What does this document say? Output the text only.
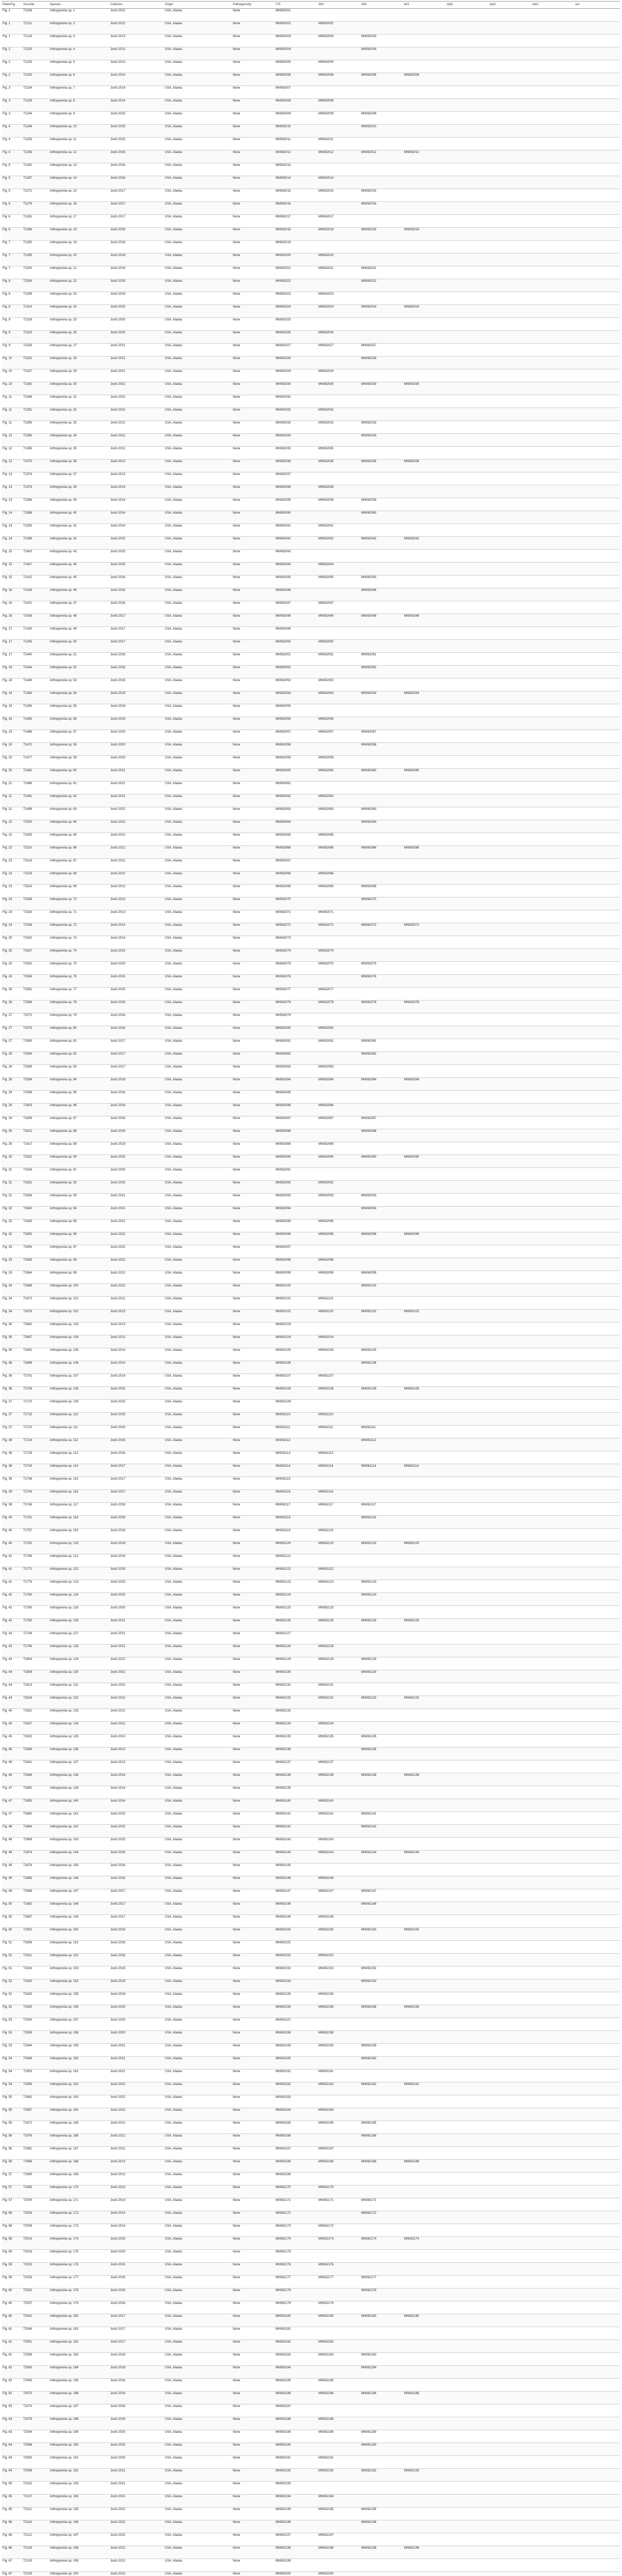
Plate/Fig.	Voucher	Species	Collector	Origin	Pathogenicity	ITS	28S	18S	tef1	rpb2	rpb1	tub2	act
Fig. 1	T1206	Arthopyrenia sp. 1	Joshi 2012	USA, Alaska	None	MN062001							
Fig. 1	T1211	Arthopyrenia sp. 2	Joshi 2012	USA, Alaska	None	MN062002	MN062002						
Fig. 1	T1216	Arthopyrenia sp. 3	Joshi 2013	USA, Alaska	None	MN062003	MN062003	MN062003					
Fig. 2	T1220	Arthopyrenia sp. 4	Joshi 2013	USA, Alaska	None	MN062004		MN062004					
Fig. 2	T1225	Arthopyrenia sp. 5	Joshi 2013	USA, Alaska	None	MN062005	MN062005						
Fig. 2	T1230	Arthopyrenia sp. 6	Joshi 2014	USA, Alaska	None	MN062006	MN062006	MN062006	MN062006				
Fig. 3	T1234	Arthopyrenia sp. 7	Joshi 2014	USA, Alaska	None	MN062007							
Fig. 3	T1239	Arthopyrenia sp. 8	Joshi 2014	USA, Alaska	None	MN062008	MN062008						
Fig. 3	T1244	Arthopyrenia sp. 9	Joshi 2015	USA, Alaska	None	MN062009	MN062009	MN062009					
Fig. 4	T1248	Arthopyrenia sp. 10	Joshi 2015	USA, Alaska	None	MN062010		MN062010					
Fig. 4	T1253	Arthopyrenia sp. 11	Joshi 2015	USA, Alaska	None	MN062011	MN062011						
Fig. 4	T1258	Arthopyrenia sp. 12	Joshi 2016	USA, Alaska	None	MN062012	MN062012	MN062012	MN062012				
Fig. 5	T1262	Arthopyrenia sp. 13	Joshi 2016	USA, Alaska	None	MN062013							
Fig. 5	T1267	Arthopyrenia sp. 14	Joshi 2016	USA, Alaska	None	MN062014	MN062014						
Fig. 5	T1272	Arthopyrenia sp. 15	Joshi 2017	USA, Alaska	None	MN062015	MN062015	MN062015					
Fig. 6	T1276	Arthopyrenia sp. 16	Joshi 2017	USA, Alaska	None	MN062016		MN062016					
Fig. 6	T1281	Arthopyrenia sp. 17	Joshi 2017	USA, Alaska	None	MN062017	MN062017						
Fig. 6	T1286	Arthopyrenia sp. 18	Joshi 2018	USA, Alaska	None	MN062018	MN062018	MN062018	MN062018				
Fig. 7	T1290	Arthopyrenia sp. 19	Joshi 2018	USA, Alaska	None	MN062019							
Fig. 7	T1295	Arthopyrenia sp. 20	Joshi 2018	USA, Alaska	None	MN062020	MN062020						
Fig. 7	T1300	Arthopyrenia sp. 21	Joshi 2019	USA, Alaska	None	MN062021	MN062021	MN062021					
Fig. 8	T1304	Arthopyrenia sp. 22	Joshi 2019	USA, Alaska	None	MN062022		MN062022					
Fig. 8	T1309	Arthopyrenia sp. 23	Joshi 2019	USA, Alaska	None	MN062023	MN062023						
Fig. 8	T1314	Arthopyrenia sp. 24	Joshi 2020	USA, Alaska	None	MN062024	MN062024	MN062024	MN062024				
Fig. 9	T1318	Arthopyrenia sp. 25	Joshi 2020	USA, Alaska	None	MN062025							
Fig. 9	T1323	Arthopyrenia sp. 26	Joshi 2020	USA, Alaska	None	MN062026	MN062026						
Fig. 9	T1328	Arthopyrenia sp. 27	Joshi 2021	USA, Alaska	None	MN062027	MN062027	MN062027					
Fig. 10	T1332	Arthopyrenia sp. 28	Joshi 2021	USA, Alaska	None	MN062028		MN062028					
Fig. 10	T1337	Arthopyrenia sp. 29	Joshi 2021	USA, Alaska	None	MN062029	MN062029						
Fig. 10	T1342	Arthopyrenia sp. 30	Joshi 2022	USA, Alaska	None	MN062030	MN062030	MN062030	MN062030				
Fig. 11	T1346	Arthopyrenia sp. 31	Joshi 2022	USA, Alaska	None	MN062031							
Fig. 11	T1351	Arthopyrenia sp. 32	Joshi 2022	USA, Alaska	None	MN062032	MN062032						
Fig. 11	T1356	Arthopyrenia sp. 33	Joshi 2012	USA, Alaska	None	MN062033	MN062033	MN062033					
Fig. 12	T1360	Arthopyrenia sp. 34	Joshi 2012	USA, Alaska	None	MN062034		MN062034					
Fig. 12	T1365	Arthopyrenia sp. 35	Joshi 2012	USA, Alaska	None	MN062035	MN062035						
Fig. 12	T1370	Arthopyrenia sp. 36	Joshi 2013	USA, Alaska	None	MN062036	MN062036	MN062036	MN062036				
Fig. 13	T1374	Arthopyrenia sp. 37	Joshi 2013	USA, Alaska	None	MN062037							
Fig. 13	T1379	Arthopyrenia sp. 38	Joshi 2013	USA, Alaska	None	MN062038	MN062038						
Fig. 13	T1384	Arthopyrenia sp. 39	Joshi 2014	USA, Alaska	None	MN062039	MN062039	MN062039					
Fig. 14	T1388	Arthopyrenia sp. 40	Joshi 2014	USA, Alaska	None	MN062040		MN062040					
Fig. 14	T1393	Arthopyrenia sp. 41	Joshi 2014	USA, Alaska	None	MN062041	MN062041						
Fig. 14	T1398	Arthopyrenia sp. 42	Joshi 2015	USA, Alaska	None	MN062042	MN062042	MN062042	MN062042				
Fig. 15	T1402	Arthopyrenia sp. 43	Joshi 2015	USA, Alaska	None	MN062043							
Fig. 15	T1407	Arthopyrenia sp. 44	Joshi 2015	USA, Alaska	None	MN062044	MN062044						
Fig. 15	T1412	Arthopyrenia sp. 45	Joshi 2016	USA, Alaska	None	MN062045	MN062045	MN062045					
Fig. 16	T1416	Arthopyrenia sp. 46	Joshi 2016	USA, Alaska	None	MN062046		MN062046					
Fig. 16	T1421	Arthopyrenia sp. 47	Joshi 2016	USA, Alaska	None	MN062047	MN062047						
Fig. 16	T1426	Arthopyrenia sp. 48	Joshi 2017	USA, Alaska	None	MN062048	MN062048	MN062048	MN062048				
Fig. 17	T1430	Arthopyrenia sp. 49	Joshi 2017	USA, Alaska	None	MN062049							
Fig. 17	T1435	Arthopyrenia sp. 50	Joshi 2017	USA, Alaska	None	MN062050	MN062050						
Fig. 17	T1440	Arthopyrenia sp. 51	Joshi 2018	USA, Alaska	None	MN062051	MN062051	MN062051					
Fig. 18	T1444	Arthopyrenia sp. 52	Joshi 2018	USA, Alaska	None	MN062052		MN062052					
Fig. 18	T1449	Arthopyrenia sp. 53	Joshi 2018	USA, Alaska	None	MN062053	MN062053						
Fig. 18	T1454	Arthopyrenia sp. 54	Joshi 2019	USA, Alaska	None	MN062054	MN062054	MN062054	MN062054				
Fig. 19	T1458	Arthopyrenia sp. 55	Joshi 2019	USA, Alaska	None	MN062055							
Fig. 19	T1463	Arthopyrenia sp. 56	Joshi 2019	USA, Alaska	None	MN062056	MN062056						
Fig. 19	T1468	Arthopyrenia sp. 57	Joshi 2020	USA, Alaska	None	MN062057	MN062057	MN062057					
Fig. 20	T1472	Arthopyrenia sp. 58	Joshi 2020	USA, Alaska	None	MN062058		MN062058					
Fig. 20	T1477	Arthopyrenia sp. 59	Joshi 2020	USA, Alaska	None	MN062059	MN062059						
Fig. 20	T1482	Arthopyrenia sp. 60	Joshi 2021	USA, Alaska	None	MN062060	MN062060	MN062060	MN062060				
Fig. 21	T1486	Arthopyrenia sp. 61	Joshi 2021	USA, Alaska	None	MN062061							
Fig. 21	T1491	Arthopyrenia sp. 62	Joshi 2021	USA, Alaska	None	MN062062	MN062062						
Fig. 21	T1496	Arthopyrenia sp. 63	Joshi 2022	USA, Alaska	None	MN062063	MN062063	MN062063					
Fig. 22	T1500	Arthopyrenia sp. 64	Joshi 2022	USA, Alaska	None	MN062064		MN062064					
Fig. 22	T1505	Arthopyrenia sp. 65	Joshi 2022	USA, Alaska	None	MN062065	MN062065						
Fig. 22	T1510	Arthopyrenia sp. 66	Joshi 2012	USA, Alaska	None	MN062066	MN062066	MN062066	MN062066				
Fig. 23	T1514	Arthopyrenia sp. 67	Joshi 2012	USA, Alaska	None	MN062067							
Fig. 23	T1519	Arthopyrenia sp. 68	Joshi 2012	USA, Alaska	None	MN062068	MN062068						
Fig. 23	T1524	Arthopyrenia sp. 69	Joshi 2013	USA, Alaska	None	MN062069	MN062069	MN062069					
Fig. 24	T1528	Arthopyrenia sp. 70	Joshi 2013	USA, Alaska	None	MN062070		MN062070					
Fig. 24	T1533	Arthopyrenia sp. 71	Joshi 2013	USA, Alaska	None	MN062071	MN062071						
Fig. 24	T1538	Arthopyrenia sp. 72	Joshi 2014	USA, Alaska	None	MN062072	MN062072	MN062072	MN062072				
Fig. 25	T1542	Arthopyrenia sp. 73	Joshi 2014	USA, Alaska	None	MN062073							
Fig. 25	T1547	Arthopyrenia sp. 74	Joshi 2014	USA, Alaska	None	MN062074	MN062074						
Fig. 25	T1552	Arthopyrenia sp. 75	Joshi 2015	USA, Alaska	None	MN062075	MN062075	MN062075					
Fig. 26	T1556	Arthopyrenia sp. 76	Joshi 2015	USA, Alaska	None	MN062076		MN062076					
Fig. 26	T1561	Arthopyrenia sp. 77	Joshi 2015	USA, Alaska	None	MN062077	MN062077						
Fig. 26	T1566	Arthopyrenia sp. 78	Joshi 2016	USA, Alaska	None	MN062078	MN062078	MN062078	MN062078				
Fig. 27	T1570	Arthopyrenia sp. 79	Joshi 2016	USA, Alaska	None	MN062079							
Fig. 27	T1575	Arthopyrenia sp. 80	Joshi 2016	USA, Alaska	None	MN062080	MN062080						
Fig. 27	T1580	Arthopyrenia sp. 81	Joshi 2017	USA, Alaska	None	MN062081	MN062081	MN062081					
Fig. 28	T1584	Arthopyrenia sp. 82	Joshi 2017	USA, Alaska	None	MN062082		MN062082					
Fig. 28	T1589	Arthopyrenia sp. 83	Joshi 2017	USA, Alaska	None	MN062083	MN062083						
Fig. 28	T1594	Arthopyrenia sp. 84	Joshi 2018	USA, Alaska	None	MN062084	MN062084	MN062084	MN062084				
Fig. 29	T1598	Arthopyrenia sp. 85	Joshi 2018	USA, Alaska	None	MN062085							
Fig. 29	T1603	Arthopyrenia sp. 86	Joshi 2018	USA, Alaska	None	MN062086	MN062086						
Fig. 29	T1608	Arthopyrenia sp. 87	Joshi 2019	USA, Alaska	None	MN062087	MN062087	MN062087					
Fig. 30	T1612	Arthopyrenia sp. 88	Joshi 2019	USA, Alaska	None	MN062088		MN062088					
Fig. 30	T1617	Arthopyrenia sp. 89	Joshi 2019	USA, Alaska	None	MN062089	MN062089						
Fig. 30	T1622	Arthopyrenia sp. 90	Joshi 2020	USA, Alaska	None	MN062090	MN062090	MN062090	MN062090				
Fig. 31	T1626	Arthopyrenia sp. 91	Joshi 2020	USA, Alaska	None	MN062091							
Fig. 31	T1631	Arthopyrenia sp. 92	Joshi 2020	USA, Alaska	None	MN062092	MN062092						
Fig. 31	T1636	Arthopyrenia sp. 93	Joshi 2021	USA, Alaska	None	MN062093	MN062093	MN062093					
Fig. 32	T1640	Arthopyrenia sp. 94	Joshi 2021	USA, Alaska	None	MN062094		MN062094					
Fig. 32	T1645	Arthopyrenia sp. 95	Joshi 2021	USA, Alaska	None	MN062095	MN062095						
Fig. 32	T1650	Arthopyrenia sp. 96	Joshi 2022	USA, Alaska	None	MN062096	MN062096	MN062096	MN062096				
Fig. 33	T1654	Arthopyrenia sp. 97	Joshi 2022	USA, Alaska	None	MN062097							
Fig. 33	T1659	Arthopyrenia sp. 98	Joshi 2022	USA, Alaska	None	MN062098	MN062098						
Fig. 33	T1664	Arthopyrenia sp. 99	Joshi 2012	USA, Alaska	None	MN062099	MN062099	MN062099					
Fig. 34	T1668	Arthopyrenia sp. 100	Joshi 2012	USA, Alaska	None	MN062100		MN062100					
Fig. 34	T1673	Arthopyrenia sp. 101	Joshi 2012	USA, Alaska	None	MN062101	MN062101						
Fig. 34	T1678	Arthopyrenia sp. 102	Joshi 2013	USA, Alaska	None	MN062102	MN062102	MN062102	MN062102				
Fig. 35	T1682	Arthopyrenia sp. 103	Joshi 2013	USA, Alaska	None	MN062103							
Fig. 35	T1687	Arthopyrenia sp. 104	Joshi 2013	USA, Alaska	None	MN062104	MN062104						
Fig. 35	T1692	Arthopyrenia sp. 105	Joshi 2014	USA, Alaska	None	MN062105	MN062105	MN062105					
Fig. 36	T1696	Arthopyrenia sp. 106	Joshi 2014	USA, Alaska	None	MN062106		MN062106					
Fig. 36	T1701	Arthopyrenia sp. 107	Joshi 2014	USA, Alaska	None	MN062107	MN062107						
Fig. 36	T1706	Arthopyrenia sp. 108	Joshi 2015	USA, Alaska	None	MN062108	MN062108	MN062108	MN062108				
Fig. 37	T1710	Arthopyrenia sp. 109	Joshi 2015	USA, Alaska	None	MN062109							
Fig. 37	T1715	Arthopyrenia sp. 110	Joshi 2015	USA, Alaska	None	MN062110	MN062110						
Fig. 37	T1720	Arthopyrenia sp. 111	Joshi 2016	USA, Alaska	None	MN062111	MN062111	MN062111					
Fig. 38	T1724	Arthopyrenia sp. 112	Joshi 2016	USA, Alaska	None	MN062112		MN062112					
Fig. 38	T1729	Arthopyrenia sp. 113	Joshi 2016	USA, Alaska	None	MN062113	MN062113						
Fig. 38	T1734	Arthopyrenia sp. 114	Joshi 2017	USA, Alaska	None	MN062114	MN062114	MN062114	MN062114				
Fig. 39	T1738	Arthopyrenia sp. 115	Joshi 2017	USA, Alaska	None	MN062115							
Fig. 39	T1743	Arthopyrenia sp. 116	Joshi 2017	USA, Alaska	None	MN062116	MN062116						
Fig. 39	T1748	Arthopyrenia sp. 117	Joshi 2018	USA, Alaska	None	MN062117	MN062117	MN062117					
Fig. 40	T1752	Arthopyrenia sp. 118	Joshi 2018	USA, Alaska	None	MN062118		MN062118					
Fig. 40	T1757	Arthopyrenia sp. 119	Joshi 2018	USA, Alaska	None	MN062119	MN062119						
Fig. 40	T1762	Arthopyrenia sp. 120	Joshi 2019	USA, Alaska	None	MN062120	MN062120	MN062120	MN062120				
Fig. 41	T1766	Arthopyrenia sp. 121	Joshi 2019	USA, Alaska	None	MN062121							
Fig. 41	T1771	Arthopyrenia sp. 122	Joshi 2019	USA, Alaska	None	MN062122	MN062122						
Fig. 41	T1776	Arthopyrenia sp. 123	Joshi 2020	USA, Alaska	None	MN062123	MN062123	MN062123					
Fig. 42	T1780	Arthopyrenia sp. 124	Joshi 2020	USA, Alaska	None	MN062124		MN062124					
Fig. 42	T1785	Arthopyrenia sp. 125	Joshi 2020	USA, Alaska	None	MN062125	MN062125						
Fig. 42	T1790	Arthopyrenia sp. 126	Joshi 2021	USA, Alaska	None	MN062126	MN062126	MN062126	MN062126				
Fig. 43	T1794	Arthopyrenia sp. 127	Joshi 2021	USA, Alaska	None	MN062127							
Fig. 43	T1799	Arthopyrenia sp. 128	Joshi 2021	USA, Alaska	None	MN062128	MN062128						
Fig. 43	T1804	Arthopyrenia sp. 129	Joshi 2022	USA, Alaska	None	MN062129	MN062129	MN062129					
Fig. 44	T1808	Arthopyrenia sp. 130	Joshi 2022	USA, Alaska	None	MN062130		MN062130					
Fig. 44	T1813	Arthopyrenia sp. 131	Joshi 2022	USA, Alaska	None	MN062131	MN062131						
Fig. 44	T1818	Arthopyrenia sp. 132	Joshi 2012	USA, Alaska	None	MN062132	MN062132	MN062132	MN062132				
Fig. 45	T1822	Arthopyrenia sp. 133	Joshi 2012	USA, Alaska	None	MN062133							
Fig. 45	T1827	Arthopyrenia sp. 134	Joshi 2012	USA, Alaska	None	MN062134	MN062134						
Fig. 45	T1832	Arthopyrenia sp. 135	Joshi 2013	USA, Alaska	None	MN062135	MN062135	MN062135					
Fig. 46	T1836	Arthopyrenia sp. 136	Joshi 2013	USA, Alaska	None	MN062136		MN062136					
Fig. 46	T1841	Arthopyrenia sp. 137	Joshi 2013	USA, Alaska	None	MN062137	MN062137						
Fig. 46	T1846	Arthopyrenia sp. 138	Joshi 2014	USA, Alaska	None	MN062138	MN062138	MN062138	MN062138				
Fig. 47	T1850	Arthopyrenia sp. 139	Joshi 2014	USA, Alaska	None	MN062139							
Fig. 47	T1855	Arthopyrenia sp. 140	Joshi 2014	USA, Alaska	None	MN062140	MN062140						
Fig. 47	T1860	Arthopyrenia sp. 141	Joshi 2015	USA, Alaska	None	MN062141	MN062141	MN062141					
Fig. 48	T1864	Arthopyrenia sp. 142	Joshi 2015	USA, Alaska	None	MN062142		MN062142					
Fig. 48	T1869	Arthopyrenia sp. 143	Joshi 2015	USA, Alaska	None	MN062143	MN062143						
Fig. 48	T1874	Arthopyrenia sp. 144	Joshi 2016	USA, Alaska	None	MN062144	MN062144	MN062144	MN062144				
Fig. 49	T1878	Arthopyrenia sp. 145	Joshi 2016	USA, Alaska	None	MN062145							
Fig. 49	T1883	Arthopyrenia sp. 146	Joshi 2016	USA, Alaska	None	MN062146	MN062146						
Fig. 49	T1888	Arthopyrenia sp. 147	Joshi 2017	USA, Alaska	None	MN062147	MN062147	MN062147					
Fig. 50	T1892	Arthopyrenia sp. 148	Joshi 2017	USA, Alaska	None	MN062148		MN062148					
Fig. 50	T1897	Arthopyrenia sp. 149	Joshi 2017	USA, Alaska	None	MN062149	MN062149						
Fig. 50	T1902	Arthopyrenia sp. 150	Joshi 2018	USA, Alaska	None	MN062150	MN062150	MN062150	MN062150				
Fig. 51	T1906	Arthopyrenia sp. 151	Joshi 2018	USA, Alaska	None	MN062151							
Fig. 51	T1911	Arthopyrenia sp. 152	Joshi 2018	USA, Alaska	None	MN062152	MN062152						
Fig. 51	T1916	Arthopyrenia sp. 153	Joshi 2019	USA, Alaska	None	MN062153	MN062153	MN062153					
Fig. 52	T1920	Arthopyrenia sp. 154	Joshi 2019	USA, Alaska	None	MN062154		MN062154					
Fig. 52	T1925	Arthopyrenia sp. 155	Joshi 2019	USA, Alaska	None	MN062155	MN062155						
Fig. 52	T1930	Arthopyrenia sp. 156	Joshi 2020	USA, Alaska	None	MN062156	MN062156	MN062156	MN062156				
Fig. 53	T1934	Arthopyrenia sp. 157	Joshi 2020	USA, Alaska	None	MN062157							
Fig. 53	T1939	Arthopyrenia sp. 158	Joshi 2020	USA, Alaska	None	MN062158	MN062158						
Fig. 53	T1944	Arthopyrenia sp. 159	Joshi 2021	USA, Alaska	None	MN062159	MN062159	MN062159					
Fig. 54	T1948	Arthopyrenia sp. 160	Joshi 2021	USA, Alaska	None	MN062160		MN062160					
Fig. 54	T1953	Arthopyrenia sp. 161	Joshi 2021	USA, Alaska	None	MN062161	MN062161						
Fig. 54	T1958	Arthopyrenia sp. 162	Joshi 2022	USA, Alaska	None	MN062162	MN062162	MN062162	MN062162				
Fig. 55	T1962	Arthopyrenia sp. 163	Joshi 2022	USA, Alaska	None	MN062163							
Fig. 55	T1967	Arthopyrenia sp. 164	Joshi 2022	USA, Alaska	None	MN062164	MN062164						
Fig. 55	T1972	Arthopyrenia sp. 165	Joshi 2012	USA, Alaska	None	MN062165	MN062165	MN062165					
Fig. 56	T1976	Arthopyrenia sp. 166	Joshi 2012	USA, Alaska	None	MN062166		MN062166					
Fig. 56	T1981	Arthopyrenia sp. 167	Joshi 2012	USA, Alaska	None	MN062167	MN062167						
Fig. 56	T1986	Arthopyrenia sp. 168	Joshi 2013	USA, Alaska	None	MN062168	MN062168	MN062168	MN062168				
Fig. 57	T1990	Arthopyrenia sp. 169	Joshi 2013	USA, Alaska	None	MN062169							
Fig. 57	T1995	Arthopyrenia sp. 170	Joshi 2013	USA, Alaska	None	MN062170	MN062170						
Fig. 57	T2000	Arthopyrenia sp. 171	Joshi 2014	USA, Alaska	None	MN062171	MN062171	MN062171					
Fig. 58	T2004	Arthopyrenia sp. 172	Joshi 2014	USA, Alaska	None	MN062172		MN062172					
Fig. 58	T2009	Arthopyrenia sp. 173	Joshi 2014	USA, Alaska	None	MN062173	MN062173						
Fig. 58	T2014	Arthopyrenia sp. 174	Joshi 2015	USA, Alaska	None	MN062174	MN062174	MN062174	MN062174				
Fig. 59	T2018	Arthopyrenia sp. 175	Joshi 2015	USA, Alaska	None	MN062175							
Fig. 59	T2023	Arthopyrenia sp. 176	Joshi 2015	USA, Alaska	None	MN062176	MN062176						
Fig. 59	T2028	Arthopyrenia sp. 177	Joshi 2016	USA, Alaska	None	MN062177	MN062177	MN062177					
Fig. 60	T2032	Arthopyrenia sp. 178	Joshi 2016	USA, Alaska	None	MN062178		MN062178					
Fig. 60	T2037	Arthopyrenia sp. 179	Joshi 2016	USA, Alaska	None	MN062179	MN062179						
Fig. 60	T2042	Arthopyrenia sp. 180	Joshi 2017	USA, Alaska	None	MN062180	MN062180	MN062180	MN062180				
Fig. 61	T2046	Arthopyrenia sp. 181	Joshi 2017	USA, Alaska	None	MN062181							
Fig. 61	T2051	Arthopyrenia sp. 182	Joshi 2017	USA, Alaska	None	MN062182	MN062182						
Fig. 61	T2056	Arthopyrenia sp. 183	Joshi 2018	USA, Alaska	None	MN062183	MN062183	MN062183					
Fig. 62	T2060	Arthopyrenia sp. 184	Joshi 2018	USA, Alaska	None	MN062184		MN062184					
Fig. 62	T2065	Arthopyrenia sp. 185	Joshi 2018	USA, Alaska	None	MN062185	MN062185						
Fig. 62	T2070	Arthopyrenia sp. 186	Joshi 2019	USA, Alaska	None	MN062186	MN062186	MN062186	MN062186				
Fig. 63	T2074	Arthopyrenia sp. 187	Joshi 2019	USA, Alaska	None	MN062187							
Fig. 63	T2079	Arthopyrenia sp. 188	Joshi 2019	USA, Alaska	None	MN062188	MN062188						
Fig. 63	T2084	Arthopyrenia sp. 189	Joshi 2020	USA, Alaska	None	MN062189	MN062189	MN062189					
Fig. 64	T2088	Arthopyrenia sp. 190	Joshi 2020	USA, Alaska	None	MN062190		MN062190					
Fig. 64	T2093	Arthopyrenia sp. 191	Joshi 2020	USA, Alaska	None	MN062191	MN062191						
Fig. 64	T2098	Arthopyrenia sp. 192	Joshi 2021	USA, Alaska	None	MN062192	MN062192	MN062192	MN062192				
Fig. 65	T2102	Arthopyrenia sp. 193	Joshi 2021	USA, Alaska	None	MN062193							
Fig. 65	T2107	Arthopyrenia sp. 194	Joshi 2021	USA, Alaska	None	MN062194	MN062194						
Fig. 65	T2112	Arthopyrenia sp. 195	Joshi 2022	USA, Alaska	None	MN062195	MN062195	MN062195					
Fig. 66	T2116	Arthopyrenia sp. 196	Joshi 2022	USA, Alaska	None	MN062196		MN062196					
Fig. 66	T2121	Arthopyrenia sp. 197	Joshi 2022	USA, Alaska	None	MN062197	MN062197						
Fig. 66	T2126	Arthopyrenia sp. 198	Joshi 2012	USA, Alaska	None	MN062198	MN062198	MN062198	MN062198				
Fig. 67	T2130	Arthopyrenia sp. 199	Joshi 2012	USA, Alaska	None	MN062199							
Fig. 67	T2135	Arthopyrenia sp. 200	Joshi 2012	USA, Alaska	None	MN062200	MN062200						
